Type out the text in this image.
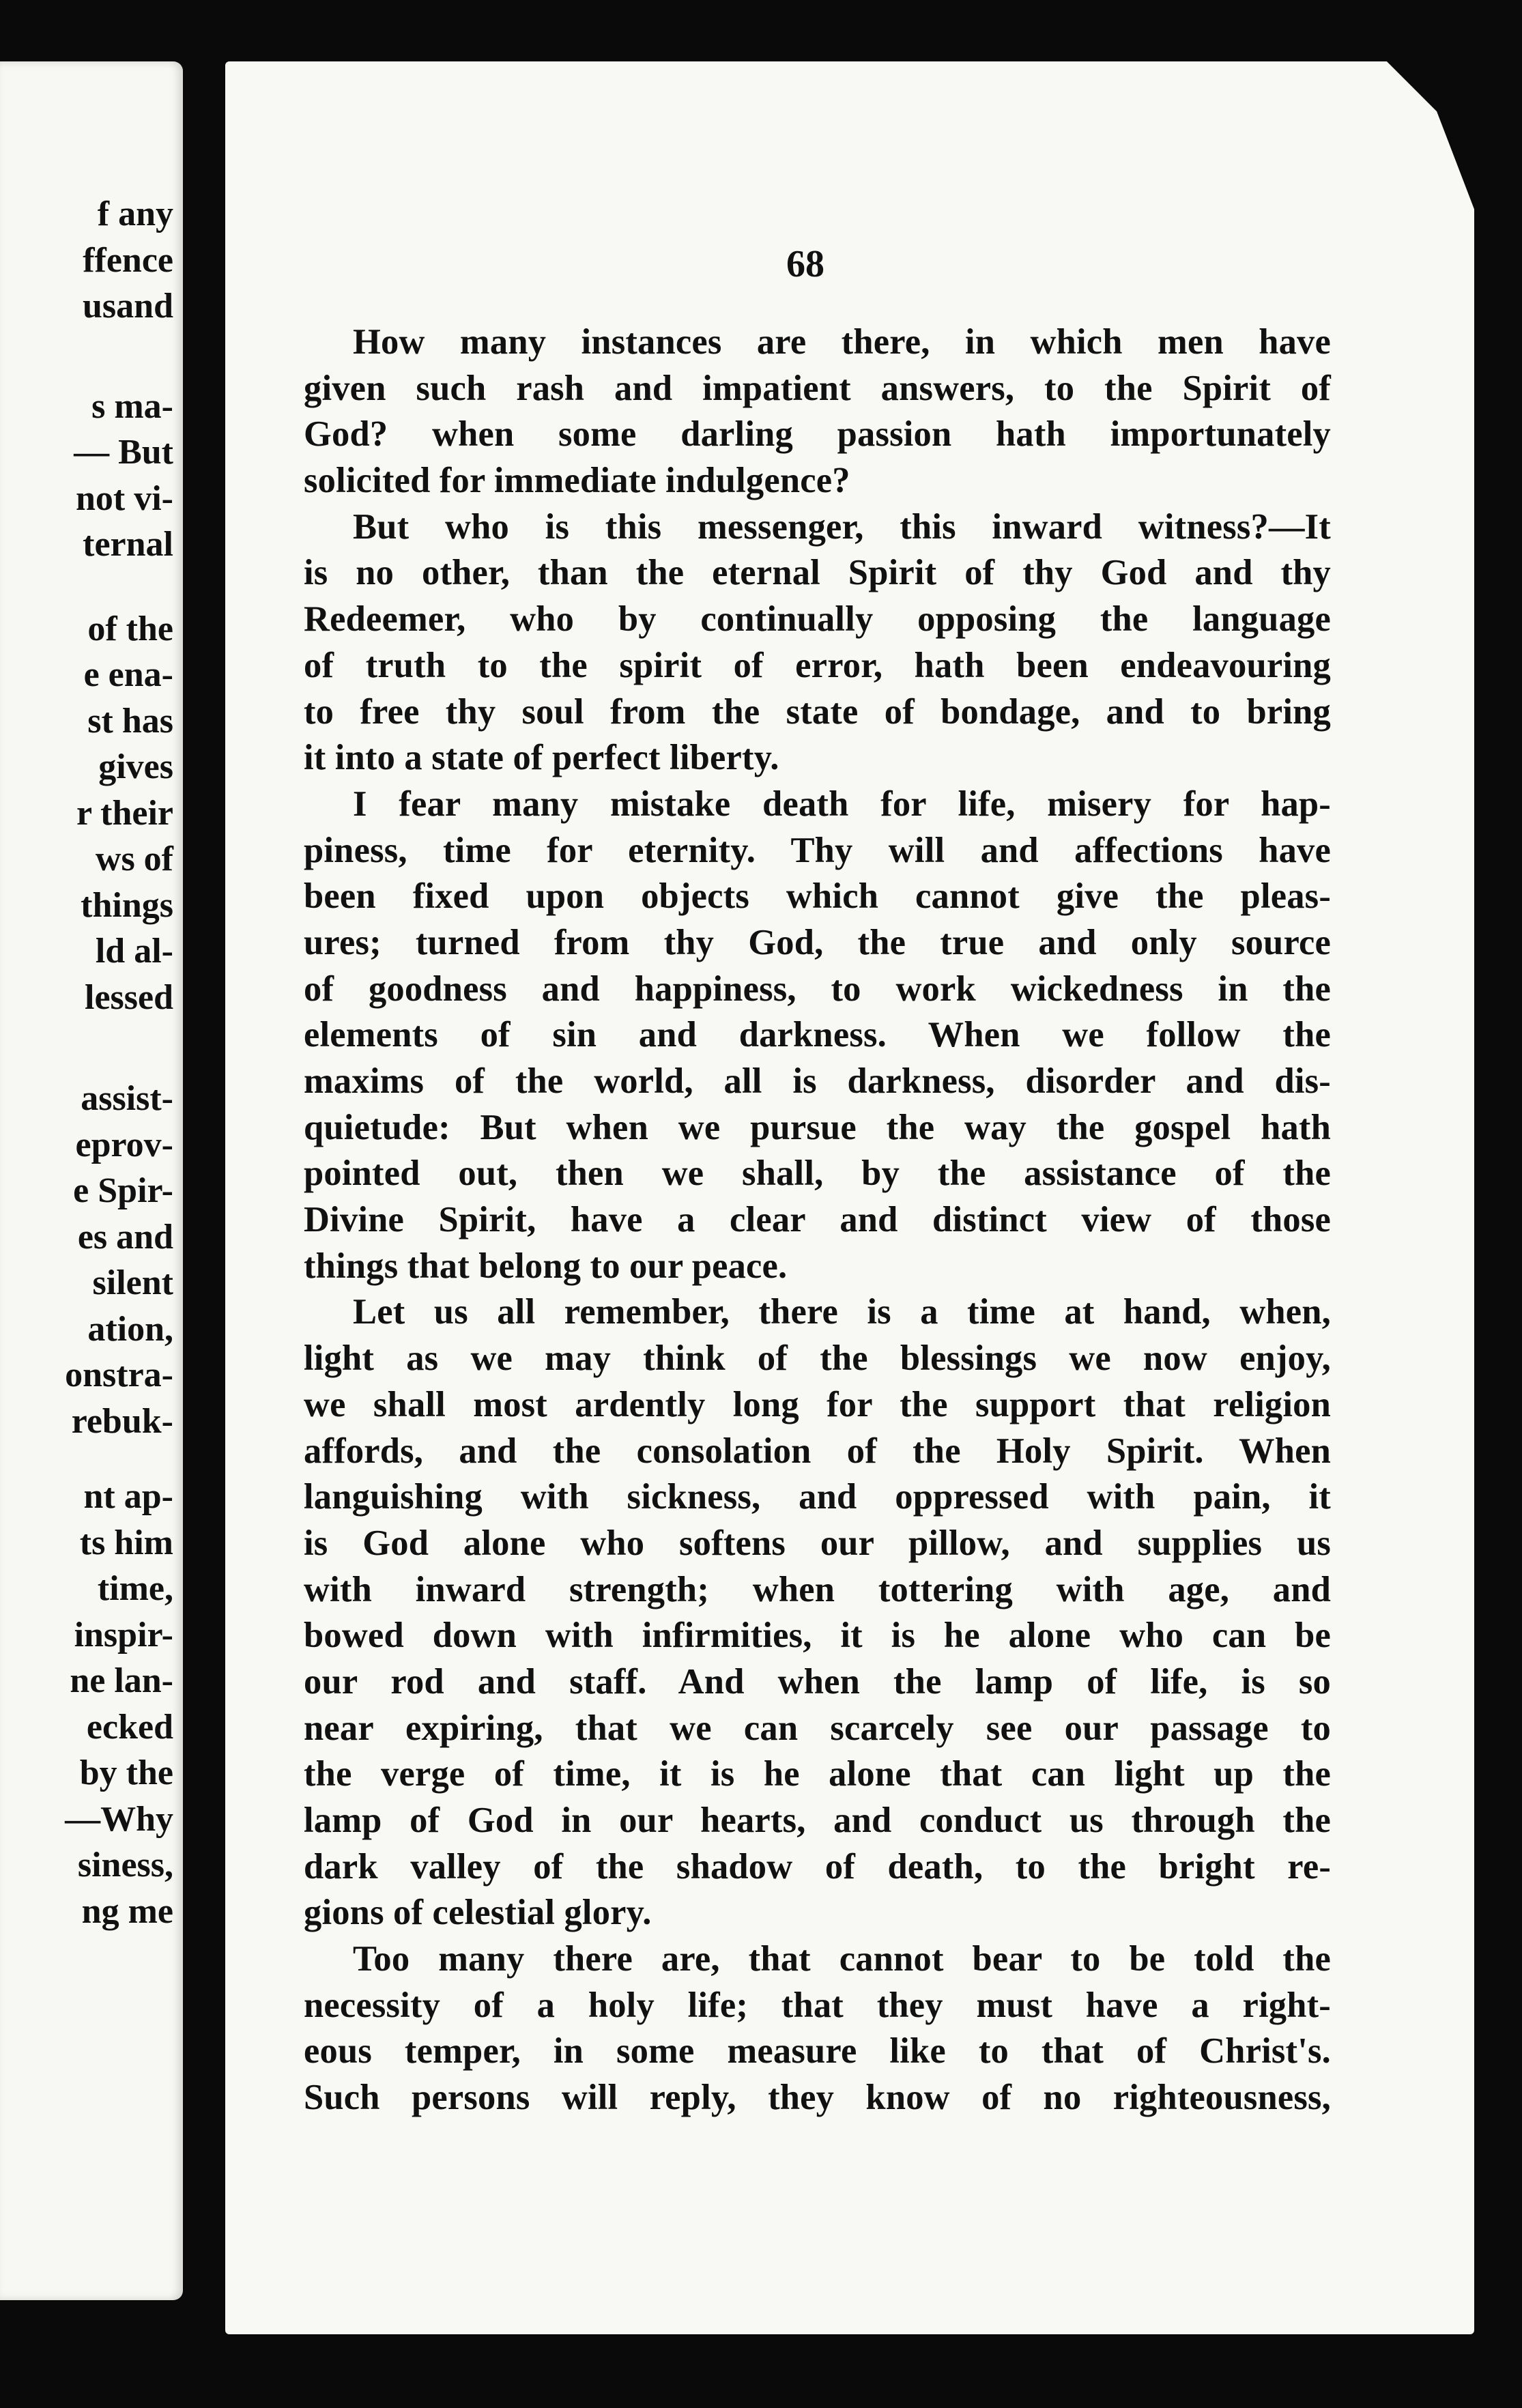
f any
ffence
usand
s ma-
— But
not vi-
ternal
of the
e ena-
st has
gives
r their
ws of
things
ld al-
lessed
assist-
eprov-
e Spir-
es and
silent
ation,
onstra-
rebuk-
nt ap-
ts him
time,
inspir-
ne lan-
ecked
by the
—Why
siness,
ng me
68
How many instances are there, in which men have
given such rash and impatient answers, to the Spirit of
God? when some darling passion hath importunately
solicited for immediate indulgence?
But who is this messenger, this inward witness?—It
is no other, than the eternal Spirit of thy God and thy
Redeemer, who by continually opposing the language
of truth to the spirit of error, hath been endeavouring
to free thy soul from the state of bondage, and to bring
it into a state of perfect liberty.
I fear many mistake death for life, misery for hap-
piness, time for eternity. Thy will and affections have
been fixed upon objects which cannot give the pleas-
ures; turned from thy God, the true and only source
of goodness and happiness, to work wickedness in the
elements of sin and darkness. When we follow the
maxims of the world, all is darkness, disorder and dis-
quietude: But when we pursue the way the gospel hath
pointed out, then we shall, by the assistance of the
Divine Spirit, have a clear and distinct view of those
things that belong to our peace.
Let us all remember, there is a time at hand, when,
light as we may think of the blessings we now enjoy,
we shall most ardently long for the support that religion
affords, and the consolation of the Holy Spirit. When
languishing with sickness, and oppressed with pain, it
is God alone who softens our pillow, and supplies us
with inward strength; when tottering with age, and
bowed down with infirmities, it is he alone who can be
our rod and staff. And when the lamp of life, is so
near expiring, that we can scarcely see our passage to
the verge of time, it is he alone that can light up the
lamp of God in our hearts, and conduct us through the
dark valley of the shadow of death, to the bright re-
gions of celestial glory.
Too many there are, that cannot bear to be told the
necessity of a holy life; that they must have a right-
eous temper, in some measure like to that of Christ's.
Such persons will reply, they know of no righteousness,
